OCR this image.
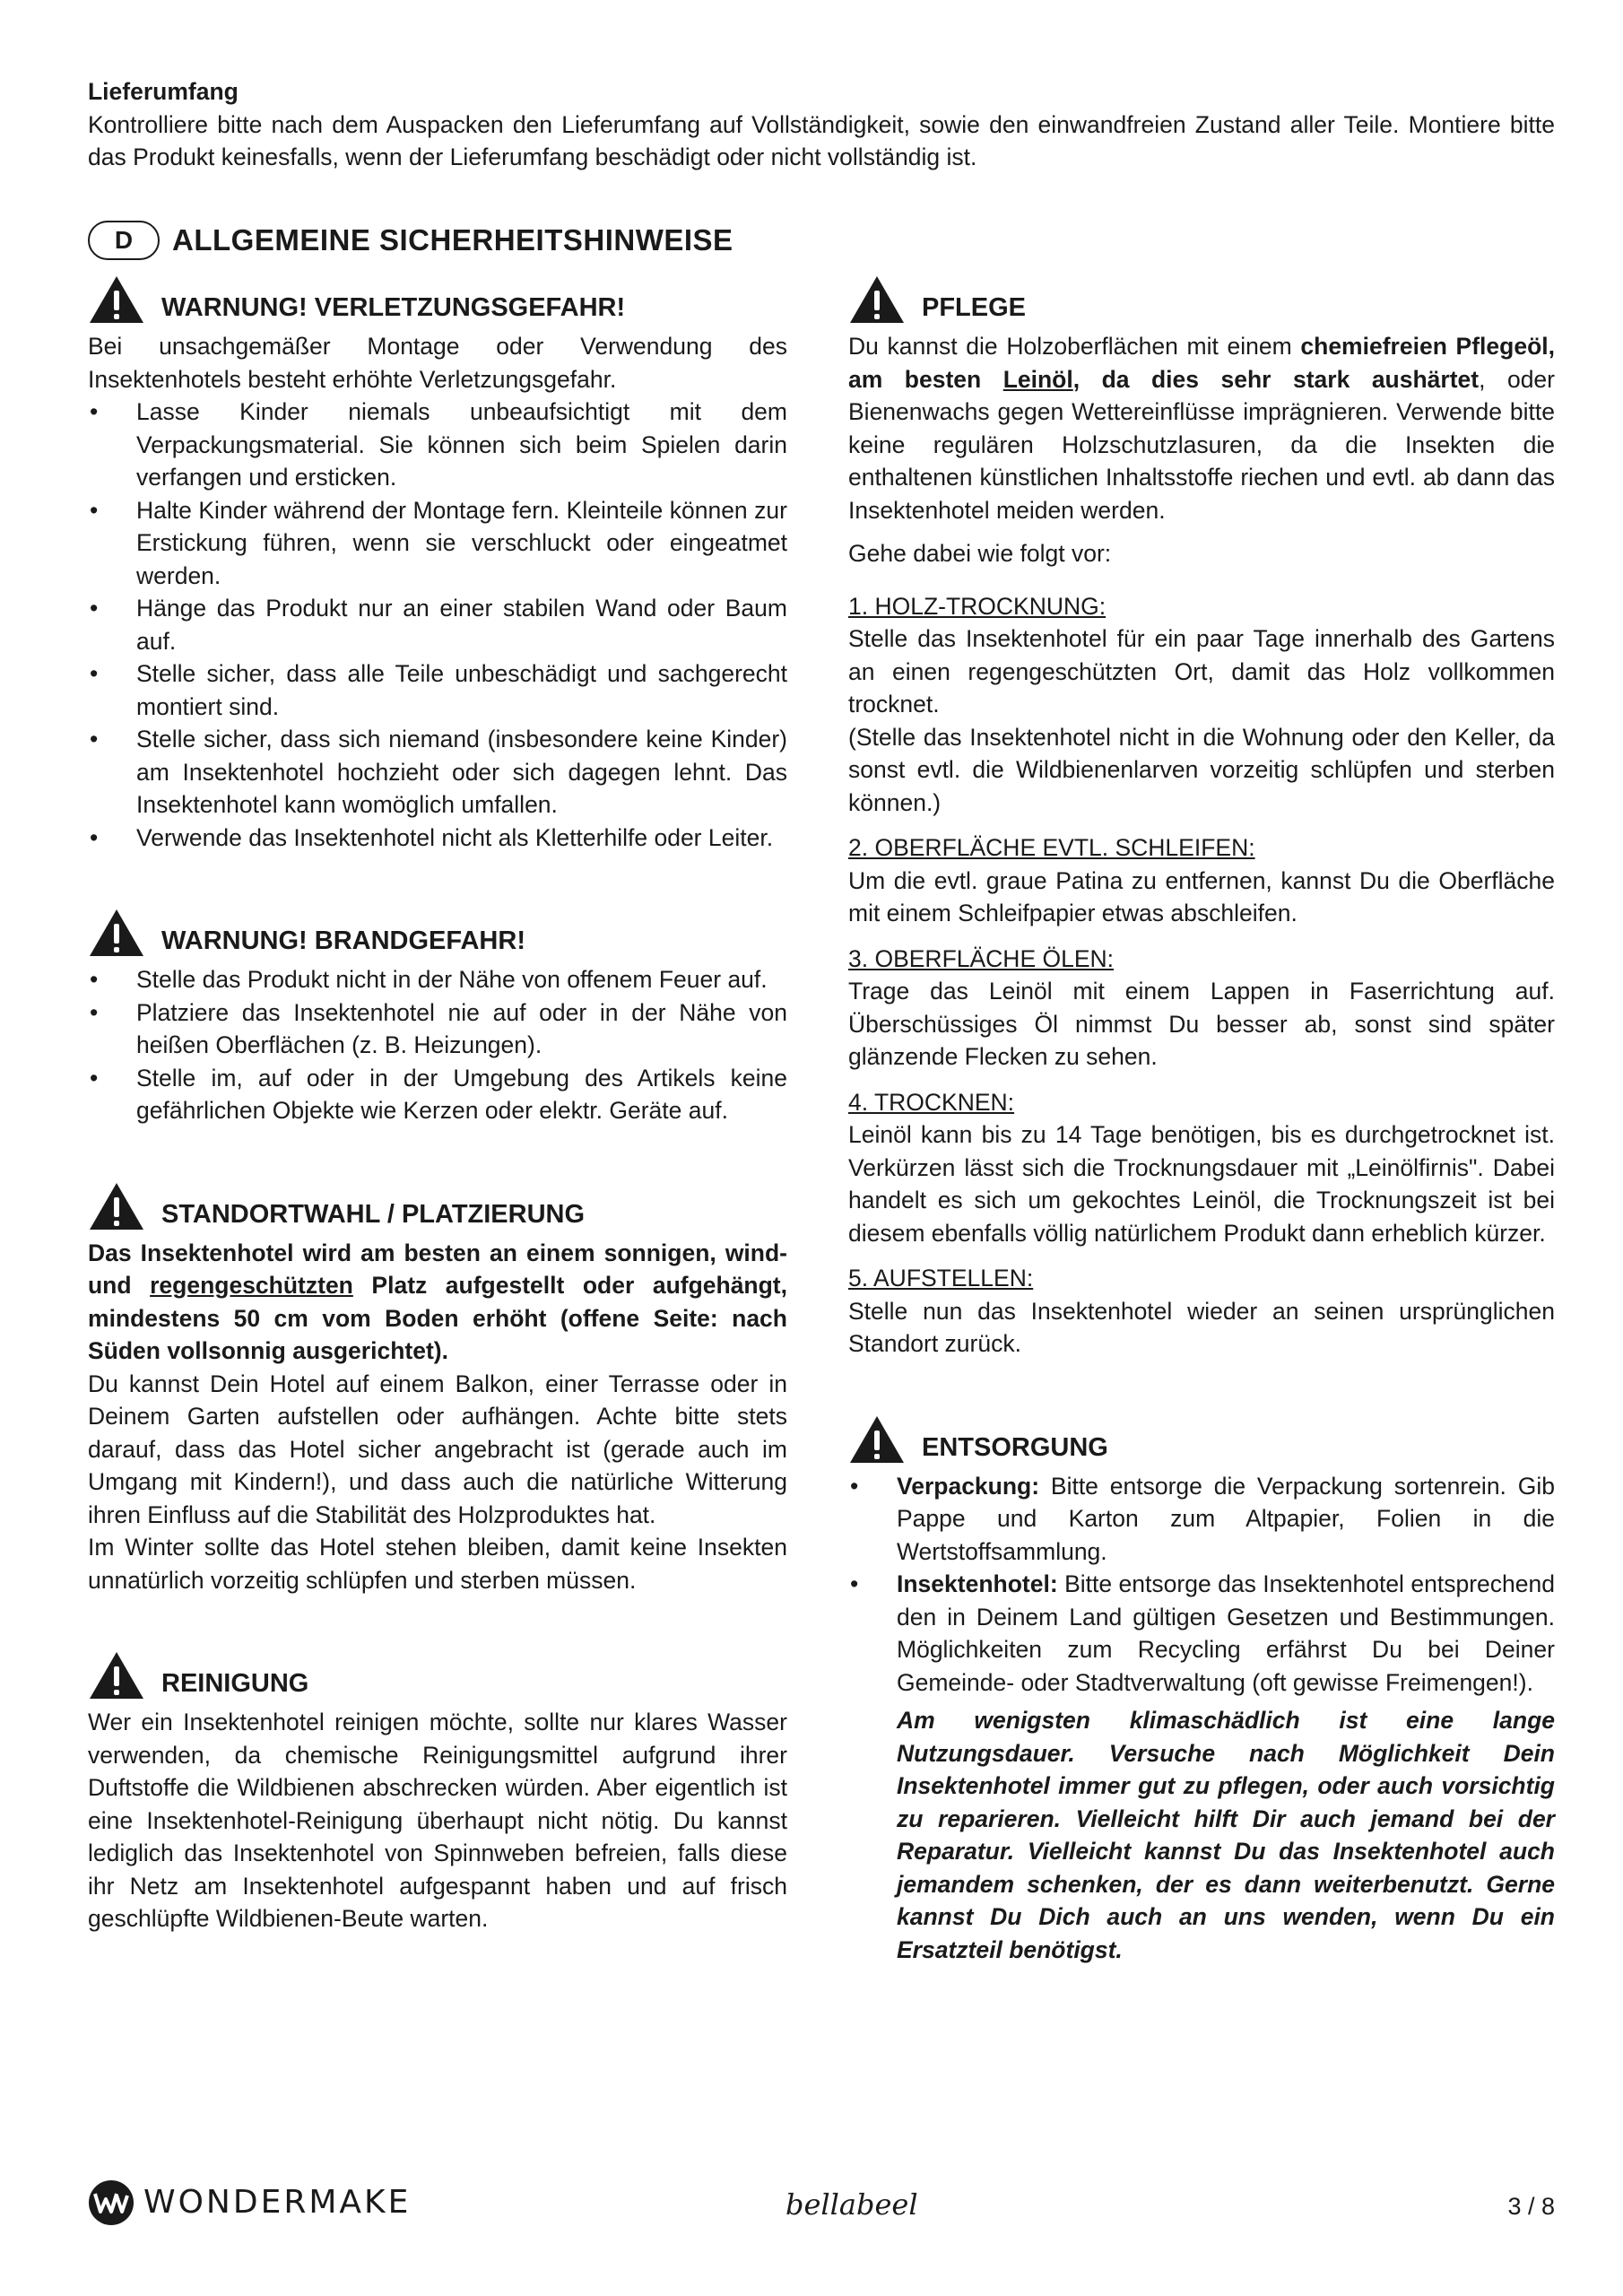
Lieferumfang

Kontrolliere bitte nach dem Auspacken den Lieferumfang auf Vollständigkeit, sowie den einwandfreien Zustand aller Teile. Montiere bitte das Produkt keinesfalls, wenn der Lieferumfang beschädigt oder nicht vollständig ist.

D	ALLGEMEINE SICHERHEITSHINWEISE
WARNUNG! VERLETZUNGSGEFAHR!

Bei unsachgemäßer Montage oder Verwendung des Insektenhotels besteht erhöhte Verletzungsgefahr.

• Lasse Kinder niemals unbeaufsichtigt mit dem Verpackungsmaterial. Sie können sich beim Spielen darin verfangen und ersticken.
• Halte Kinder während der Montage fern. Kleinteile können zur Erstickung führen, wenn sie verschluckt oder eingeatmet werden.
• Hänge das Produkt nur an einer stabilen Wand oder Baum auf.
• Stelle sicher, dass alle Teile unbeschädigt und sachgerecht montiert sind.
• Stelle sicher, dass sich niemand (insbesondere keine Kinder) am Insektenhotel hochzieht oder sich dagegen lehnt. Das Insektenhotel kann womöglich umfallen.
• Verwende das Insektenhotel nicht als Kletterhilfe oder Leiter.
WARNUNG! BRANDGEFAHR!
• Stelle das Produkt nicht in der Nähe von offenem Feuer auf.
• Platziere das Insektenhotel nie auf oder in der Nähe von heißen Oberflächen (z. B. Heizungen).
• Stelle im, auf oder in der Umgebung des Artikels keine gefährlichen Objekte wie Kerzen oder elektr. Geräte auf.
STANDORTWAHL / PLATZIERUNG

Das Insektenhotel wird am besten an einem sonnigen, wind- und regengeschützten Platz aufgestellt oder aufgehängt, mindestens 50 cm vom Boden erhöht (offene Seite: nach Süden vollsonnig ausgerichtet).

Du kannst Dein Hotel auf einem Balkon, einer Terrasse oder in Deinem Garten aufstellen oder aufhängen. Achte bitte stets darauf, dass das Hotel sicher angebracht ist (gerade auch im Umgang mit Kindern!), und dass auch die natürliche Witterung ihren Einfluss auf die Stabilität des Holzproduktes hat.

Im Winter sollte das Hotel stehen bleiben, damit keine Insekten unnatürlich vorzeitig schlüpfen und sterben müssen.

REINIGUNG

Wer ein Insektenhotel reinigen möchte, sollte nur klares Wasser verwenden, da chemische Reinigungsmittel aufgrund ihrer Duftstoffe die Wildbienen abschrecken würden. Aber eigentlich ist eine Insektenhotel-Reinigung überhaupt nicht nötig. Du kannst lediglich das Insektenhotel von Spinnweben befreien, falls diese ihr Netz am Insektenhotel aufgespannt haben und auf frisch geschlüpfte Wildbienen-Beute warten.

PFLEGE

Du kannst die Holzoberflächen mit einem chemiefreien Pflegeöl, am besten Leinöl, da dies sehr stark aushärtet, oder Bienenwachs gegen Wettereinflüsse imprägnieren. Verwende bitte keine regulären Holzschutzlasuren, da die Insekten die enthaltenen künstlichen Inhaltsstoffe riechen und evtl. ab dann das Insektenhotel meiden werden.

Gehe dabei wie folgt vor:

1. HOLZ-TROCKNUNG:

Stelle das Insektenhotel für ein paar Tage innerhalb des Gartens an einen regengeschützten Ort, damit das Holz vollkommen trocknet.

(Stelle das Insektenhotel nicht in die Wohnung oder den Keller, da sonst evtl. die Wildbienenlarven vorzeitig schlüpfen und sterben können.)

2. OBERFLÄCHE EVTL. SCHLEIFEN:

Um die evtl. graue Patina zu entfernen, kannst Du die Oberfläche mit einem Schleifpapier etwas abschleifen.

3. OBERFLÄCHE ÖLEN:

Trage das Leinöl mit einem Lappen in Faserrichtung auf. Überschüssiges Öl nimmst Du besser ab, sonst sind später glänzende Flecken zu sehen.

4. TROCKNEN:

Leinöl kann bis zu 14 Tage benötigen, bis es durchgetrocknet ist. Verkürzen lässt sich die Trocknungsdauer mit „Leinölfirnis". Dabei handelt es sich um gekochtes Leinöl, die Trocknungszeit ist bei diesem ebenfalls völlig natürlichem Produkt dann erheblich kürzer.

5. AUFSTELLEN:

Stelle nun das Insektenhotel wieder an seinen ursprünglichen Standort zurück.

ENTSORGUNG
• Verpackung: Bitte entsorge die Verpackung sortenrein. Gib Pappe und Karton zum Altpapier, Folien in die Wertstoffsammlung.
• Insektenhotel: Bitte entsorge das Insektenhotel entsprechend den in Deinem Land gültigen Gesetzen und Bestimmungen. Möglichkeiten zum Recycling erfährst Du bei Deiner Gemeinde- oder Stadtverwaltung (oft gewisse Freimengen!).
Am wenigsten klimaschädlich ist eine lange Nutzungsdauer. Versuche nach Möglichkeit Dein Insektenhotel immer gut zu pflegen, oder auch vorsichtig zu reparieren. Vielleicht hilft Dir auch jemand bei der Reparatur. Vielleicht kannst Du das Insektenhotel auch jemandem schenken, der es dann weiterbenutzt. Gerne kannst Du Dich auch an uns wenden, wenn Du ein Ersatzteil benötigst.
WONDERMAKE	bellabeel	3 / 8
